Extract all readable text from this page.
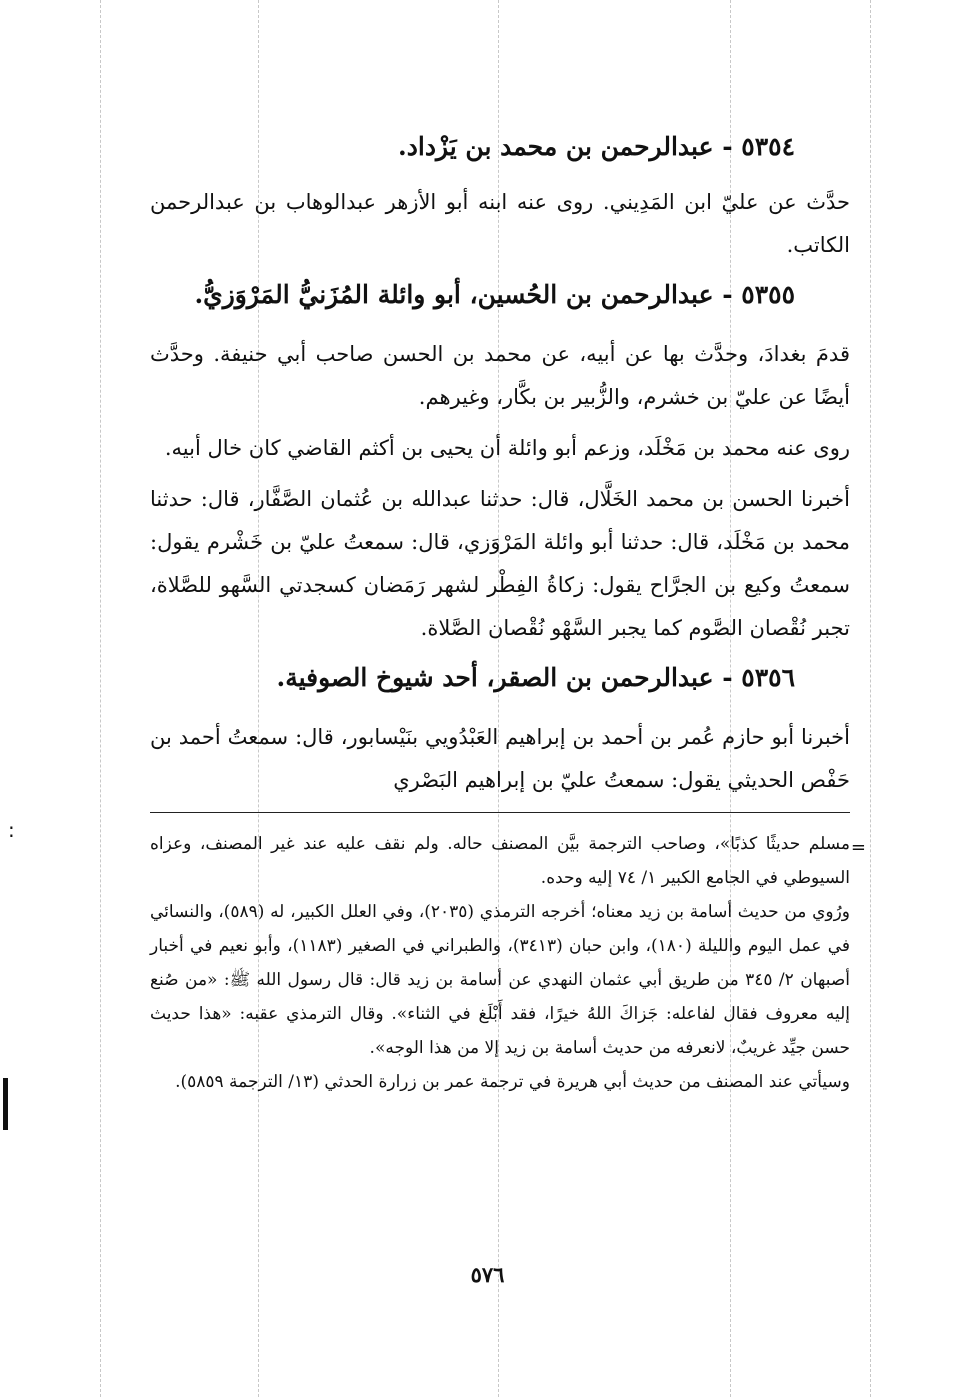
:
٥٣٥٤ - عبدالرحمن بن محمد بن يَزْداد.

حدَّث عن عليّ ابن المَدِيني. روى عنه ابنه أبو الأزهر عبدالوهاب بن عبدالرحمن الكاتب.

٥٣٥٥ - عبدالرحمن بن الحُسين، أبو وائلة المُزَنيُّ المَرْوَزيُّ.

قدمَ بغدادَ، وحدَّث بها عن أبيه، عن محمد بن الحسن صاحب أبي حنيفة. وحدَّث أيضًا عن عليّ بن خشرم، والزُّبير بن بكَّار، وغيرهم.

روى عنه محمد بن مَخْلَد، وزعم أبو وائلة أن يحيى بن أكثم القاضي كان خال أبيه.

أخبرنا الحسن بن محمد الخَلَّال، قال: حدثنا عبدالله بن عُثمان الصَّفَّار، قال: حدثنا محمد بن مَخْلَد، قال: حدثنا أبو وائلة المَرْوَزي، قال: سمعتُ عليّ بن خَشْرم يقول: سمعتُ وكيع بن الجرَّاح يقول: زكاةُ الفِطْر لشهر رَمَضان كسجدتي السَّهو للصَّلاة، تجبر نُقْصان الصَّوم كما يجبر السَّهْو نُقْصان الصَّلاة.

٥٣٥٦ - عبدالرحمن بن الصقر، أحد شيوخ الصوفية.

أخبرنا أبو حازم عُمر بن أحمد بن إبراهيم العَبْدُويي بنَيْسابور، قال: سمعتُ أحمد بن حَفْص الحديثي يقول: سمعتُ عليّ بن إبراهيم البَصْري

=

مسلم حديثًا كذبًا»، وصاحب الترجمة بيَّن المصنف حاله. ولم نقف عليه عند غير المصنف، وعزاه السيوطي في الجامع الكبير ١/ ٧٤ إليه وحده.

ورُوي من حديث أسامة بن زيد معناه؛ أخرجه الترمذي (٢٠٣٥)، وفي العلل الكبير، له (٥٨٩)، والنسائي في عمل اليوم والليلة (١٨٠)، وابن حبان (٣٤١٣)، والطبراني في الصغير (١١٨٣)، وأبو نعيم في أخبار أصبهان ٢/ ٣٤٥ من طريق أبي عثمان النهدي عن أسامة بن زيد قال: قال رسول الله ﷺ: «من صُنع إليه معروف فقال لفاعله: جَزاكَ اللهُ خيرًا، فقد أَبْلَغ في الثناء». وقال الترمذي عقبه: «هذا حديث حسن جيِّد غريبٌ، لانعرفه من حديث أسامة بن زيد إلا من هذا الوجه».

وسيأتي عند المصنف من حديث أبي هريرة في ترجمة عمر بن زرارة الحدثي (١٣/ الترجمة ٥٨٥٩).

٥٧٦
